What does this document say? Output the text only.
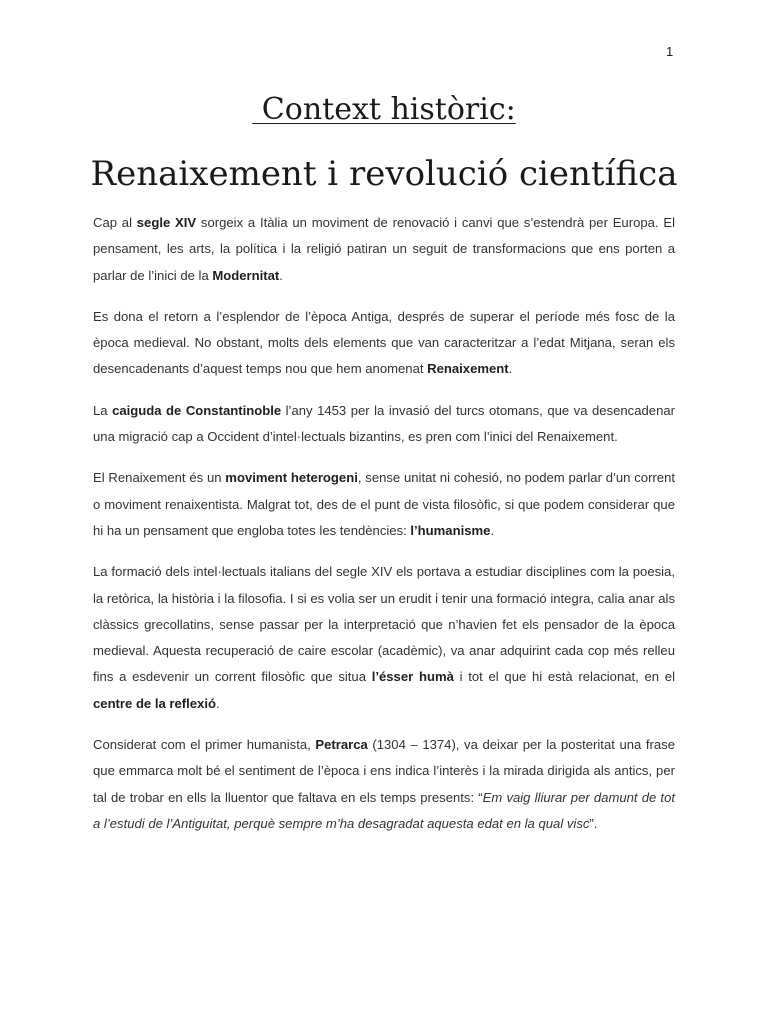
1
Context històric:
Renaixement i revolució científica

Cap al segle XIV sorgeix a Itàlia un moviment de renovació i canvi que s’estendrà per Europa. El pensament, les arts, la política i la religió patiran un seguit de transformacions que ens porten a parlar de l’inici de la Modernitat.

Es dona el retorn a l’esplendor de l’època Antiga, després de superar el període més fosc de la època medieval. No obstant, molts dels elements que van caracteritzar a l’edat Mitjana, seran els desencadenants d’aquest temps nou que hem anomenat Renaixement.

La caiguda de Constantinoble l’any 1453 per la invasió del turcs otomans, que va desencadenar una migració cap a Occident d’intel·lectuals bizantins, es pren com l’inici del Renaixement.

El Renaixement és un moviment heterogeni, sense unitat ni cohesió, no podem parlar d’un corrent o moviment renaixentista. Malgrat tot, des de el punt de vista filosòfic, si que podem considerar que hi ha un pensament que engloba totes les tendències: l’humanisme.

La formació dels intel·lectuals italians del segle XIV els portava a estudiar disciplines com la poesia, la retòrica, la història i la filosofia. I si es volia ser un erudit i tenir una formació integra, calia anar als clàssics grecollatins, sense passar per la interpretació que n’havien fet els pensador de la època medieval. Aquesta recuperació de caire escolar (acadèmic), va anar adquirint cada cop més relleu fins a esdevenir un corrent filosòfic que situa l’ésser humà i tot el que hi està relacionat, en el centre de la reflexió.

Considerat com el primer humanista, Petrarca (1304 – 1374), va deixar per la posteritat una frase que emmarca molt bé el sentiment de l’època i ens indica l’interès i la mirada dirigida als antics, per tal de trobar en ells la lluentor que faltava en els temps presents: “Em vaig lliurar per damunt de tot a l’estudi de l’Antiguitat, perquè sempre m’ha desagradat aquesta edat en la qual visc”.
